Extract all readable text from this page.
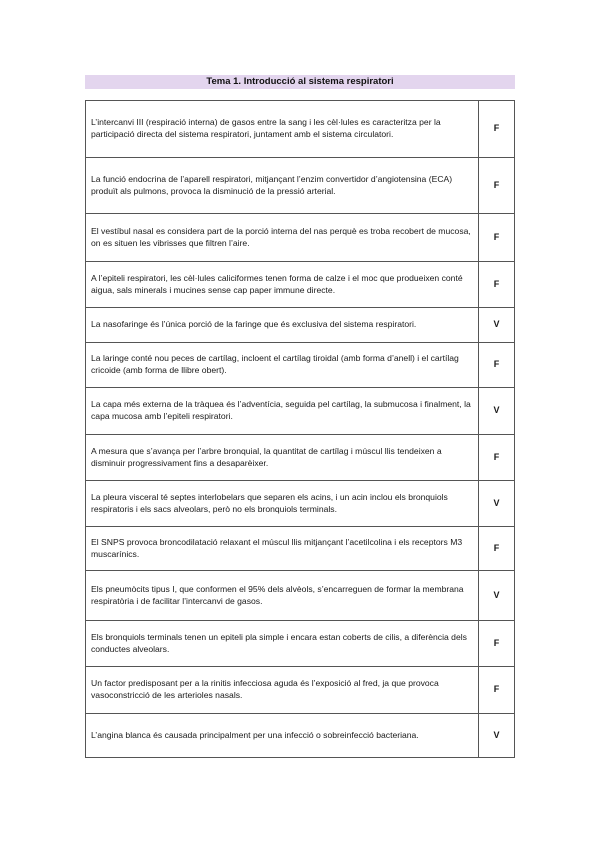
Tema 1. Introducció al sistema respiratori
L’intercanvi III (respiració interna) de gasos entre la sang i les cèl·lules es caracteritza per la participació directa del sistema respiratori, juntament amb el sistema circulatori.	F
La funció endocrina de l’aparell respiratori, mitjançant l’enzim convertidor d’angiotensina (ECA) produït als pulmons, provoca la disminució de la pressió arterial.	F
El vestíbul nasal es considera part de la porció interna del nas perquè es troba recobert de mucosa, on es situen les vibrisses que filtren l’aire.	F
A l’epiteli respiratori, les cèl·lules caliciformes tenen forma de calze i el moc que produeixen conté aigua, sals minerals i mucines sense cap paper immune directe.	F
La nasofaringe és l’única porció de la faringe que és exclusiva del sistema respiratori.	V
La laringe conté nou peces de cartílag, incloent el cartílag tiroidal (amb forma d’anell) i el cartílag cricoide (amb forma de llibre obert).	F
La capa més externa de la tràquea és l’adventícia, seguida pel cartílag, la submucosa i finalment, la capa mucosa amb l’epiteli respiratori.	V
A mesura que s’avança per l’arbre bronquial, la quantitat de cartílag i múscul llis tendeixen a disminuir progressivament fins a desaparèixer.	F
La pleura visceral té septes interlobelars que separen els acins, i un acin inclou els bronquiols respiratoris i els sacs alveolars, però no els bronquiols terminals.	V
El SNPS provoca broncodilatació relaxant el múscul llis mitjançant l’acetilcolina i els receptors M3 muscarínics.	F
Els pneumòcits tipus I, que conformen el 95% dels alvèols, s’encarreguen de formar la membrana respiratòria i de facilitar l’intercanvi de gasos.	V
Els bronquiols terminals tenen un epiteli pla simple i encara estan coberts de cilis, a diferència dels conductes alveolars.	F
Un factor predisposant per a la rinitis infecciosa aguda és l’exposició al fred, ja que provoca vasoconstricció de les arterioles nasals.	F
L’angina blanca és causada principalment per una infecció o sobreinfecció bacteriana.	V
